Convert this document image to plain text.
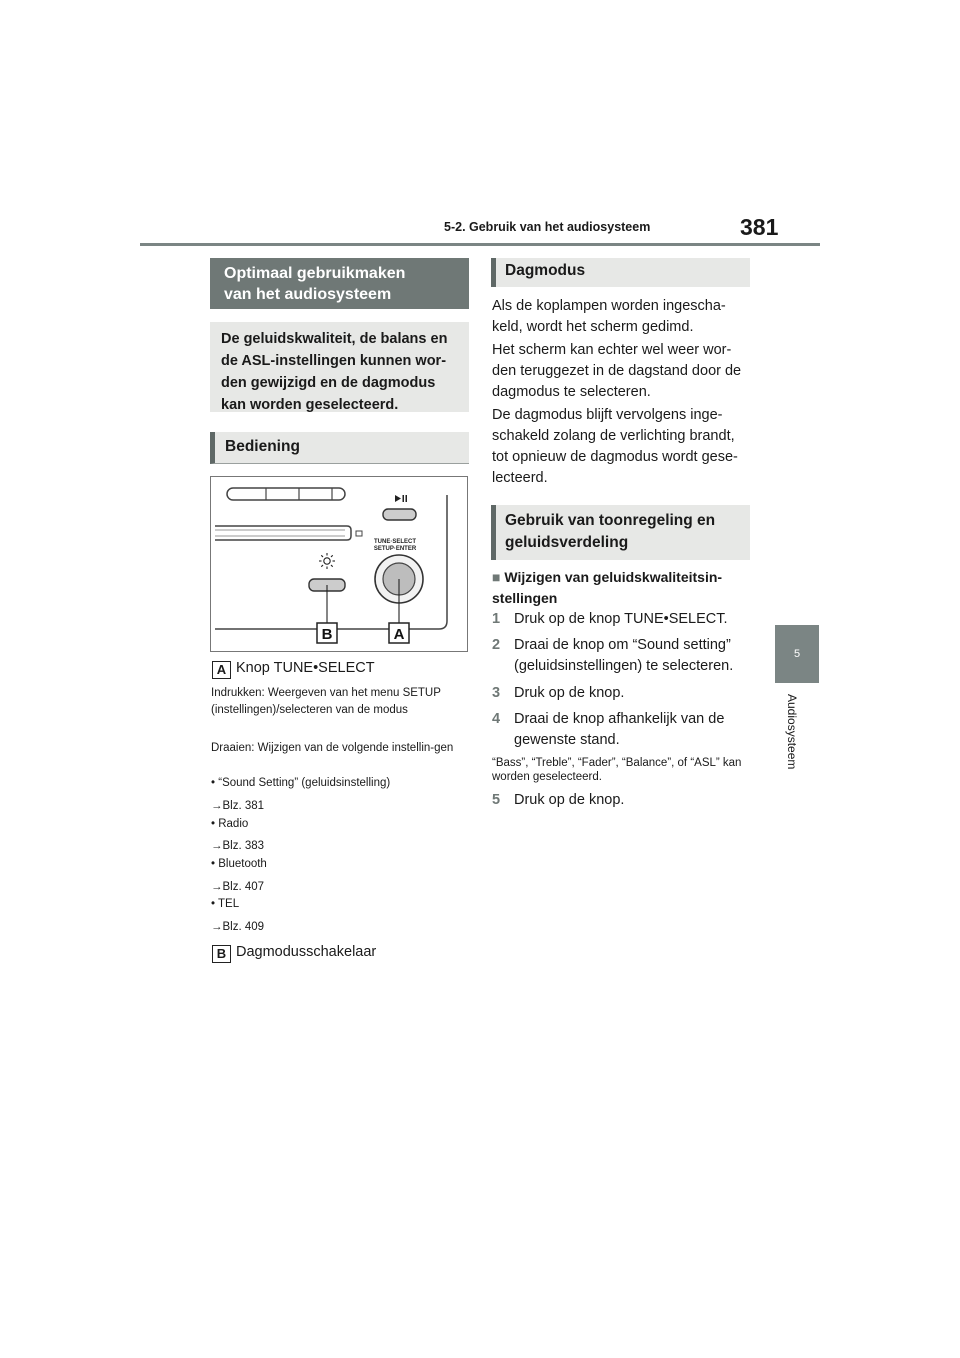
5-2. Gebruik van het audiosysteem	381
5
Audiosysteem
Optimaal gebruikmaken
van het audiosysteem
De geluidskwaliteit, de balans en de ASL-instellingen kunnen wor-den gewijzigd en de dagmodus kan worden geselecteerd.
Bediening
TUNE·SELECT
SETUP·ENTER
B	A
A Knop TUNE•SELECT
Indrukken: Weergeven van het menu SETUP (instellingen)/selecteren van de modus
Draaien: Wijzigen van de volgende instellin-gen
• “Sound Setting” (geluidsinstelling)
→Blz. 381
• Radio
→Blz. 383
• Bluetooth
→Blz. 407
• TEL
→Blz. 409
B Dagmodusschakelaar
Dagmodus
Als de koplampen worden ingescha-keld, wordt het scherm gedimd.
Het scherm kan echter wel weer wor-den teruggezet in de dagstand door de dagmodus te selecteren.
De dagmodus blijft vervolgens inge-schakeld zolang de verlichting brandt, tot opnieuw de dagmodus wordt gese-lecteerd.
Gebruik van toonregeling en geluidsverdeling
■ Wijzigen van geluidskwaliteitsin-stellingen
1 Druk op de knop TUNE•SELECT.
2 Draai de knop om “Sound setting” (geluidsinstellingen) te selecteren.
3 Druk op de knop.
4 Draai de knop afhankelijk van de gewenste stand.
“Bass”, “Treble”, “Fader”, “Balance”, of “ASL” kan worden geselecteerd.
5 Druk op de knop.
